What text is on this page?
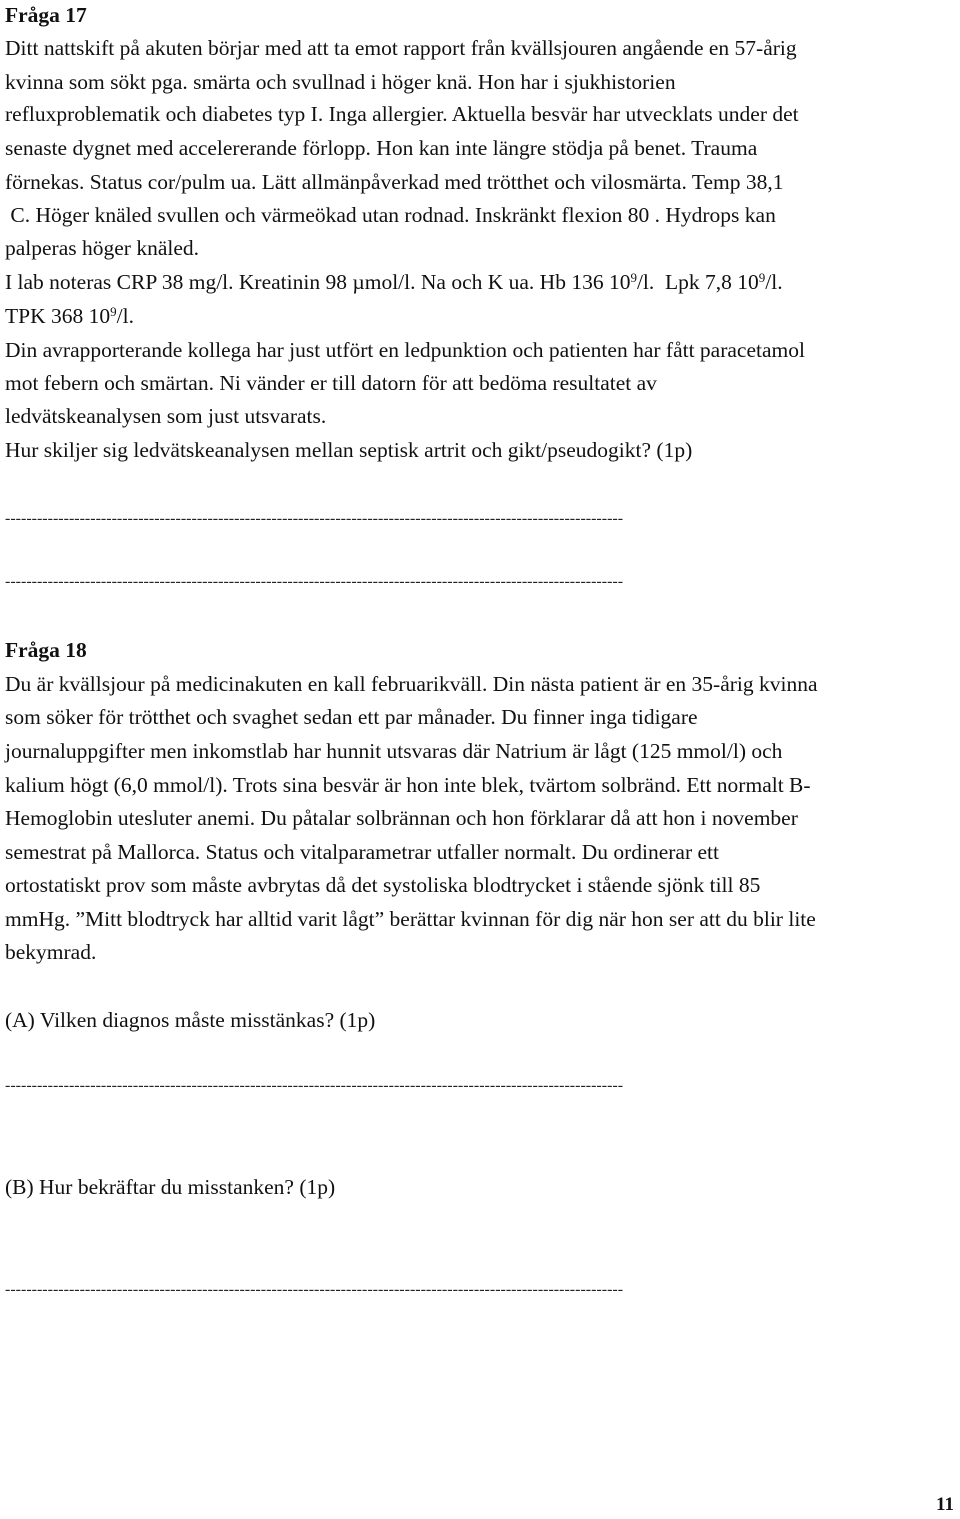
Fråga 17
Ditt nattskift på akuten börjar med att ta emot rapport från kvällsjouren angående en 57-årig
kvinna som sökt pga. smärta och svullnad i höger knä. Hon har i sjukhistorien
refluxproblematik och diabetes typ I. Inga allergier. Aktuella besvär har utvecklats under det
senaste dygnet med accelererande förlopp. Hon kan inte längre stödja på benet. Trauma
förnekas. Status cor/pulm ua. Lätt allmänpåverkad med trötthet och vilosmärta. Temp 38,1
C. Höger knäled svullen och värmeökad utan rodnad. Inskränkt flexion 80 . Hydrops kan
palperas höger knäled.
I lab noteras CRP 38 mg/l. Kreatinin 98 µmol/l. Na och K ua. Hb 136 $10^9/l$.  Lpk 7,8 $10^9/l$.
TPK 368 $10^9/l$.
Din avrapporterande kollega har just utfört en ledpunktion och patienten har fått paracetamol
mot febern och smärtan. Ni vänder er till datorn för att bedöma resultatet av
ledvätskeanalysen som just utsvarats.
Hur skiljer sig ledvätskeanalysen mellan septisk artrit och gikt/pseudogikt? (1p)
--------------------------------------------------------------------------------------------------------------------
--------------------------------------------------------------------------------------------------------------------
Fråga 18
Du är kvällsjour på medicinakuten en kall februarikväll. Din nästa patient är en 35-årig kvinna
som söker för trötthet och svaghet sedan ett par månader. Du finner inga tidigare
journaluppgifter men inkomstlab har hunnit utsvaras där Natrium är lågt (125 mmol/l) och
kalium högt (6,0 mmol/l). Trots sina besvär är hon inte blek, tvärtom solbränd. Ett normalt B-
Hemoglobin utesluter anemi. Du påtalar solbrännan och hon förklarar då att hon i november
semestrat på Mallorca. Status och vitalparametrar utfaller normalt. Du ordinerar ett
ortostatiskt prov som måste avbrytas då det systoliska blodtrycket i stående sjönk till 85
mmHg. ”Mitt blodtryck har alltid varit lågt” berättar kvinnan för dig när hon ser att du blir lite
bekymrad.
(A) Vilken diagnos måste misstänkas? (1p)
--------------------------------------------------------------------------------------------------------------------
(B) Hur bekräftar du misstanken? (1p)
--------------------------------------------------------------------------------------------------------------------
11
